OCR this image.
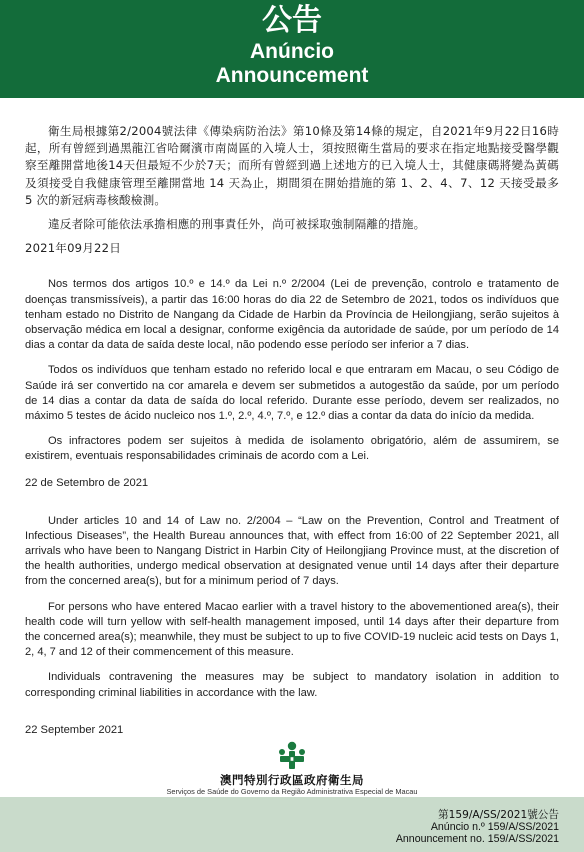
公告
Anúncio
Announcement

衛生局根據第2/2004號法律《傳染病防治法》第10條及第14條的規定，自2021年9月22日16時起，所有曾經到過黑龍江省哈爾濱市南崗區的入境人士，須按照衛生當局的要求在指定地點接受醫學觀察至離開當地後14天但最短不少於7天；而所有曾經到過上述地方的已入境人士，其健康碼將變為黃碼及須接受自我健康管理至離開當地 14 天為止，期間須在開始措施的第 1、2、4、7、12 天接受最多 5 次的新冠病毒核酸檢測。

違反者除可能依法承擔相應的刑事責任外，尚可被採取強制隔離的措施。

2021年09月22日

Nos termos dos artigos 10.º e 14.º da Lei n.º 2/2004 (Lei de prevenção, controlo e tratamento de doenças transmissíveis), a partir das 16:00 horas do dia 22 de Setembro de 2021, todos os indivíduos que tenham estado no Distrito de Nangang da Cidade de Harbin da Província de Heilongjiang, serão sujeitos à observação médica em local a designar, conforme exigência da autoridade de saúde, por um período de 14 dias a contar da data de saída deste local, não podendo esse período ser inferior a 7 dias.

Todos os indivíduos que tenham estado no referido local e que entraram em Macau, o seu Código de Saúde irá ser convertido na cor amarela e devem ser submetidos a autogestão da saúde, por um período de 14 dias a contar da data de saída do local referido. Durante esse período, devem ser realizados, no máximo 5 testes de ácido nucleico nos 1.º, 2.º, 4.º, 7.º, e 12.º dias a contar da data do início da medida.

Os infractores podem ser sujeitos à medida de isolamento obrigatório, além de assumirem, se existirem, eventuais responsabilidades criminais de acordo com a Lei.

22 de Setembro de 2021

Under articles 10 and 14 of Law no. 2/2004 – “Law on the Prevention, Control and Treatment of Infectious Diseases”, the Health Bureau announces that, with effect from 16:00 of 22 September 2021, all arrivals who have been to Nangang District in Harbin City of Heilongjiang Province must, at the discretion of the health authorities, undergo medical observation at designated venue until 14 days after their departure from the concerned area(s), but for a minimum period of 7 days.

For persons who have entered Macao earlier with a travel history to the abovementioned area(s), their health code will turn yellow with self-health management imposed, until 14 days after their departure from the concerned area(s); meanwhile, they must be subject to up to five COVID-19 nucleic acid tests on Days 1, 2, 4, 7 and 12 of their commencement of this measure.

Individuals contravening the measures may be subject to mandatory isolation in addition to corresponding criminal liabilities in accordance with the law.

22 September 2021

澳門特別行政區政府衛生局
Serviços de Saúde do Governo da Região Administrativa Especial de Macau
第159/A/SS/2021號公告
Anúncio n.º 159/A/SS/2021
Announcement no. 159/A/SS/2021
